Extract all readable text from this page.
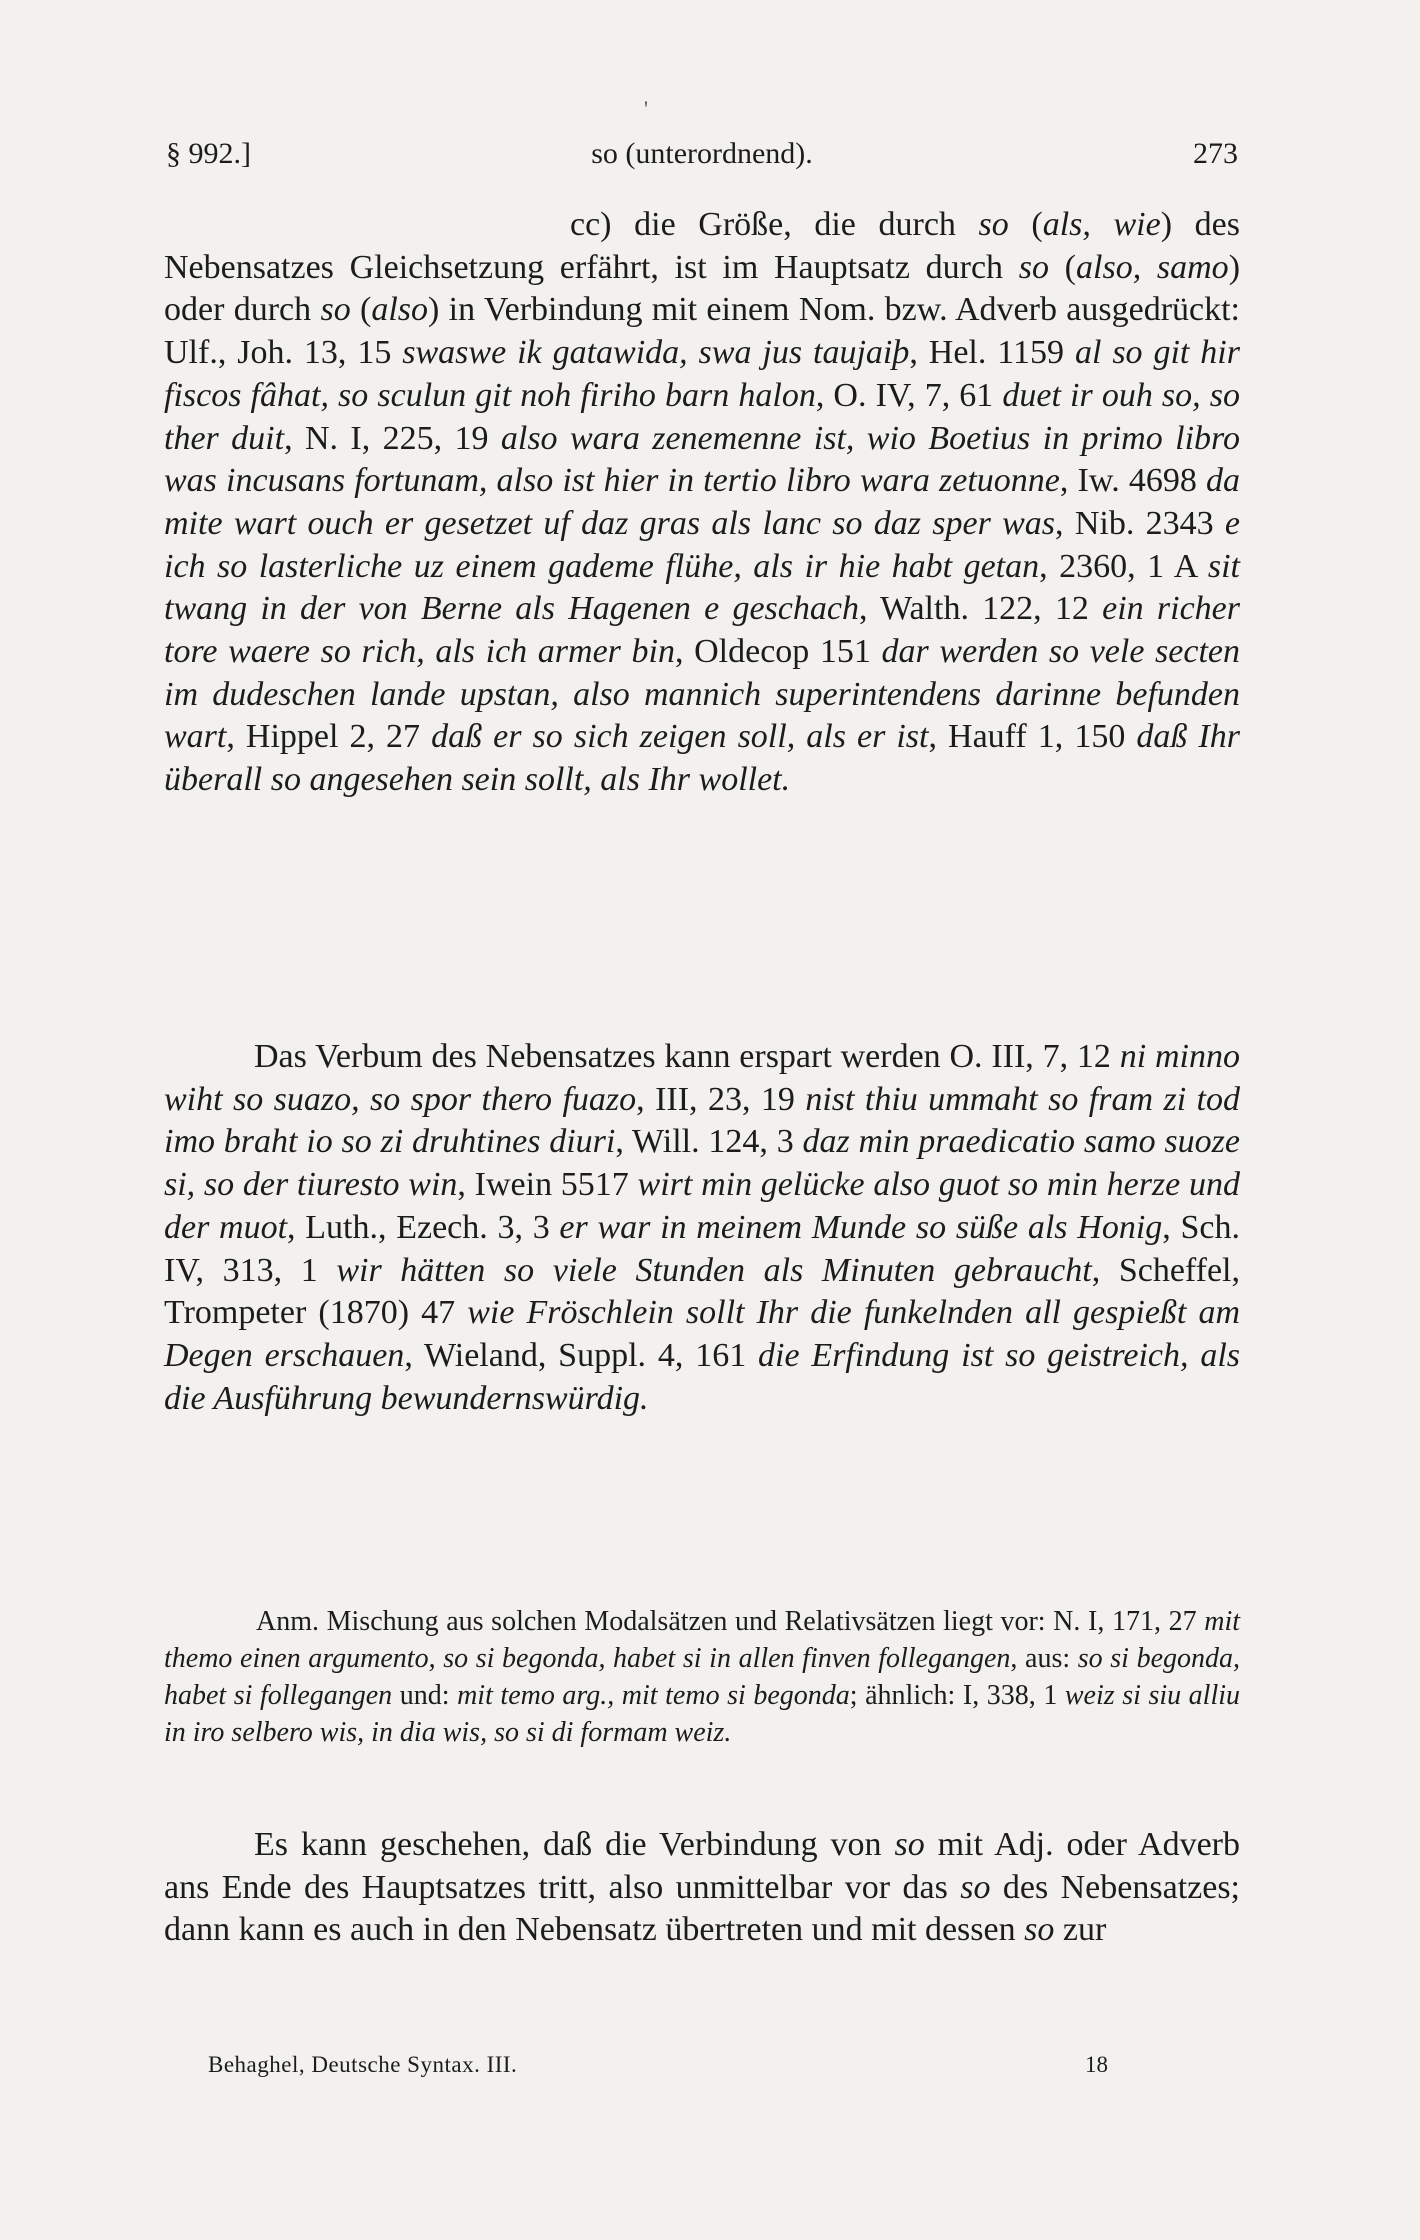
'
§ 992.]	so (unterordnend).	273

cc) die Größe, die durch so (als, wie) des Nebensatzes Gleichsetzung erfährt, ist im Hauptsatz durch so (also, samo) oder durch so (also) in Verbindung mit einem Nom. bzw. Adverb ausgedrückt: Ulf., Joh. 13, 15 swaswe ik gatawida, swa jus taujaiþ, Hel. 1159 al so git hir fiscos fâhat, so sculun git noh firiho barn halon, O. IV, 7, 61 duet ir ouh so, so ther duit, N. I, 225, 19 also wara zenemenne ist, wio Boetius in primo libro was incusans fortunam, also ist hier in tertio libro wara zetuonne, Iw. 4698 da mite wart ouch er gesetzet uf daz gras als lanc so daz sper was, Nib. 2343 e ich so lasterliche uz einem gademe flühe, als ir hie habt getan, 2360, 1 A sit twang in der von Berne als Hagenen e geschach, Walth. 122, 12 ein richer tore waere so rich, als ich armer bin, Oldecop 151 dar werden so vele secten im dudeschen lande upstan, also mannich superintendens darinne befunden wart, Hippel 2, 27 daß er so sich zeigen soll, als er ist, Hauff 1, 150 daß Ihr überall so angesehen sein sollt, als Ihr wollet.

Das Verbum des Nebensatzes kann erspart werden O. III, 7, 12 ni minno wiht so suazo, so spor thero fuazo, III, 23, 19 nist thiu ummaht so fram zi tod imo braht io so zi druhtines diuri, Will. 124, 3 daz min praedicatio samo suoze si, so der tiuresto win, Iwein 5517 wirt min gelücke also guot so min herze und der muot, Luth., Ezech. 3, 3 er war in meinem Munde so süße als Honig, Sch. IV, 313, 1 wir hätten so viele Stunden als Minuten gebraucht, Scheffel, Trompeter (1870) 47 wie Fröschlein sollt Ihr die funkelnden all gespießt am Degen erschauen, Wieland, Suppl. 4, 161 die Erfindung ist so geistreich, als die Ausführung bewundernswürdig.

Anm. Mischung aus solchen Modalsätzen und Relativsätzen liegt vor: N. I, 171, 27 mit themo einen argumento, so si begonda, habet si in allen finven follegangen, aus: so si begonda, habet si follegangen und: mit temo arg., mit temo si begonda; ähnlich: I, 338, 1 weiz si siu alliu in iro selbero wis, in dia wis, so si di formam weiz.

Es kann geschehen, daß die Verbindung von so mit Adj. oder Adverb ans Ende des Hauptsatzes tritt, also unmittelbar vor das so des Nebensatzes; dann kann es auch in den Nebensatz übertreten und mit dessen so zur

Behaghel, Deutsche Syntax. III.	18
